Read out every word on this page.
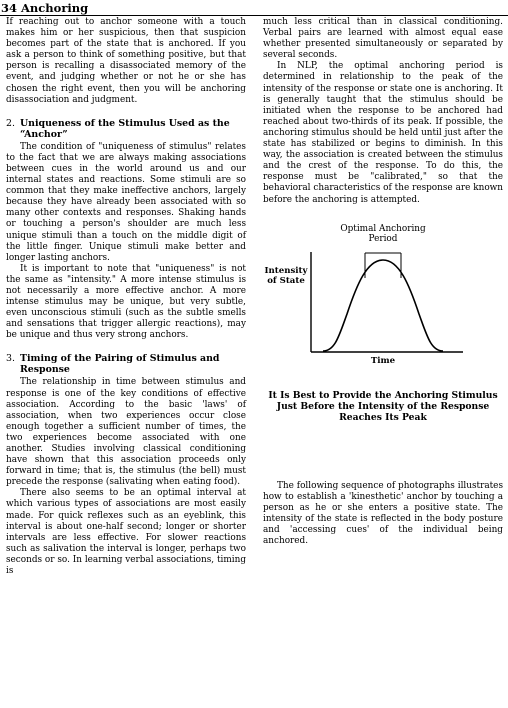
34 Anchoring

If reaching out to anchor someone with a touch makes him or her suspicious, then that suspicion becomes part of the state that is anchored. If you ask a person to think of something positive, but that person is recalling a disassociated memory of the event, and judging whether or not he or she has chosen the right event, then you will be anchoring disassociation and judgment.

2. Uniqueness of the Stimulus Used as the “Anchor”

The condition of "uniqueness of stimulus" relates to the fact that we are always making associations between cues in the world around us and our internal states and reactions. Some stimuli are so common that they make ineffective anchors, largely because they have already been associated with so many other contexts and responses. Shaking hands or touching a person's shoulder are much less unique stimuli than a touch on the middle digit of the little finger. Unique stimuli make better and longer lasting anchors.

It is important to note that "uniqueness" is not the same as "intensity." A more intense stimulus is not necessarily a more effective anchor. A more intense stimulus may be unique, but very subtle, even unconscious stimuli (such as the subtle smells and sensations that trigger allergic reactions), may be unique and thus very strong anchors.

3. Timing of the Pairing of Stimulus and Response

The relationship in time between stimulus and response is one of the key conditions of effective association. According to the basic 'laws' of association, when two experiences occur close enough together a sufficient number of times, the two experiences become associated with one another. Studies involving classical conditioning have shown that this association proceeds only forward in time; that is, the stimulus (the bell) must precede the response (salivating when eating food).

There also seems to be an optimal interval at which various types of associations are most easily made. For quick reflexes such as an eyeblink, this interval is about one-half second; longer or shorter intervals are less effective. For slower reactions such as salivation the interval is longer, perhaps two seconds or so. In learning verbal associations, timing is

much less critical than in classical conditioning. Verbal pairs are learned with almost equal ease whether presented simultaneously or separated by several seconds.

In NLP, the optimal anchoring period is determined in relationship to the peak of the intensity of the response or state one is anchoring. It is generally taught that the stimulus should be initiated when the response to be anchored had reached about two-thirds of its peak. If possible, the anchoring stimulus should be held until just after the state has stabilized or begins to diminish. In this way, the association is created between the stimulus and the crest of the response. To do this, the response must be "calibrated," so that the behavioral characteristics of the response are known before the anchoring is attempted.

Optimal Anchoring
Period
Intensity
of State
Time
It Is Best to Provide the Anchoring Stimulus Just Before the Intensity of the Response Reaches Its Peak

The following sequence of photographs illustrates how to establish a 'kinesthetic' anchor by touching a person as he or she enters a positive state. The intensity of the state is reflected in the body posture and 'accessing cues' of the individual being anchored.
